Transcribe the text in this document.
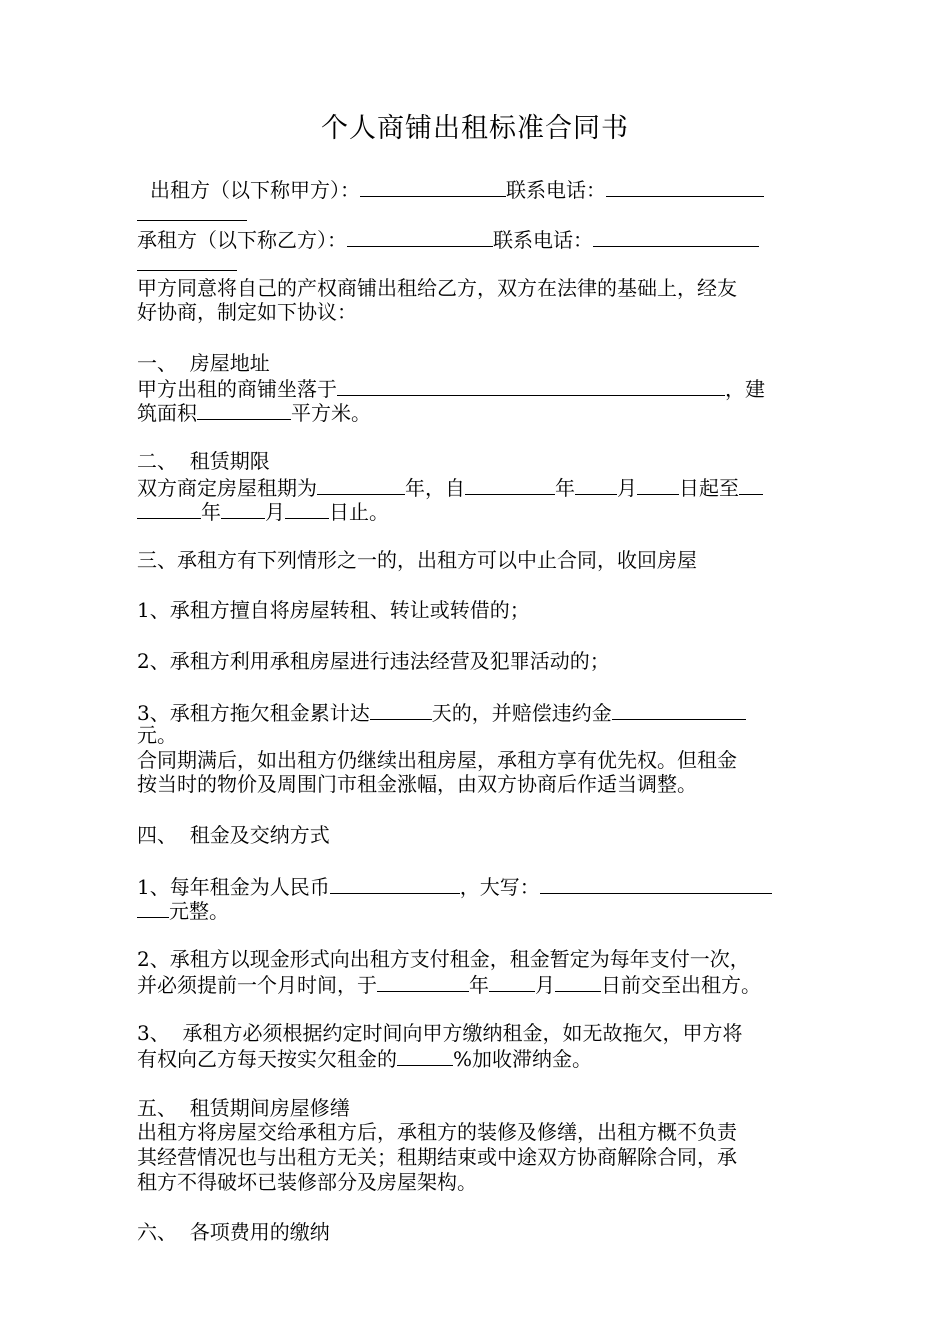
个人商铺出租标准合同书
出租方（以下称甲方）：	联系电话：
承租方（以下称乙方）：	联系电话：
甲方同意将自己的产权商铺出租给乙方，双方在法律的基础上，经友
好协商，制定如下协议：
一、  房屋地址
甲方出租的商铺坐落于	，建
筑面积	平方米。
二、  租赁期限
双方商定房屋租期为	年，自	年 月 日起至
年 月 日止。
三、承租方有下列情形之一的，出租方可以中止合同，收回房屋
1、承租方擅自将房屋转租、转让或转借的；
2、承租方利用承租房屋进行违法经营及犯罪活动的；
3、承租方拖欠租金累计达	天的，并赔偿违约金
元。
合同期满后，如出租方仍继续出租房屋，承租方享有优先权。但租金
按当时的物价及周围门市租金涨幅，由双方协商后作适当调整。
四、  租金及交纳方式
1、每年租金为人民币	，大写：
元整。
2、承租方以现金形式向出租方支付租金，租金暂定为每年支付一次，
并必须提前一个月时间，于	年 月 日前交至出租方。
3、  承租方必须根据约定时间向甲方缴纳租金，如无故拖欠，甲方将
有权向乙方每天按实欠租金的	%加收滞纳金。
五、  租赁期间房屋修缮
出租方将房屋交给承租方后，承租方的装修及修缮，出租方概不负责
其经营情况也与出租方无关；租期结束或中途双方协商解除合同，承
租方不得破坏已装修部分及房屋架构。
六、  各项费用的缴纳
